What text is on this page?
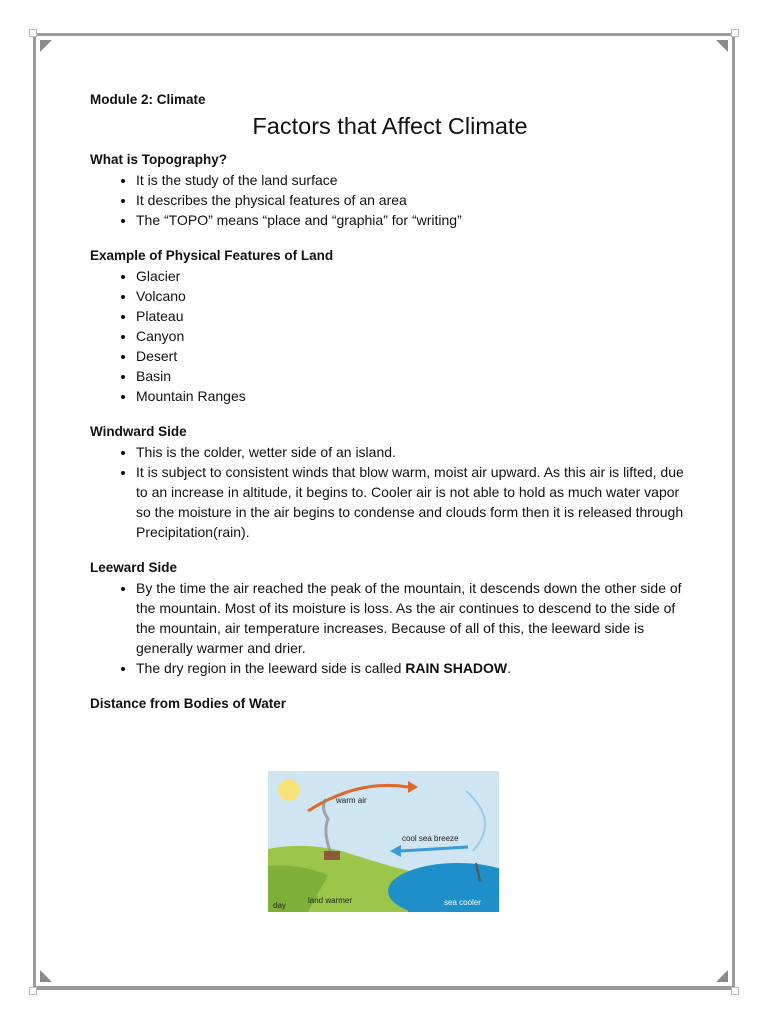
Module 2: Climate

Factors that Affect Climate
What is Topography?
• It is the study of the land surface
• It describes the physical features of an area
• The “TOPO” means “place and “graphia” for “writing”
Example of Physical Features of Land
• Glacier
• Volcano
• Plateau
• Canyon
• Desert
• Basin
• Mountain Ranges
Windward Side
• This is the colder, wetter side of an island.
• It is subject to consistent winds that blow warm, moist air upward. As this air is lifted, due to an increase in altitude, it begins to. Cooler air is not able to hold as much water vapor so the moisture in the air begins to condense and clouds form then it is released through Precipitation(rain).
Leeward Side
• By the time the air reached the peak of the mountain, it descends down the other side of the mountain. Most of its moisture is loss. As the air continues to descend to the side of the mountain, air temperature increases. Because of all of this, the leeward side is generally warmer and drier.
• The dry region in the leeward side is called RAIN SHADOW.
Distance from Bodies of Water
warm air
cool sea breeze
land warmer	sea cooler
day
